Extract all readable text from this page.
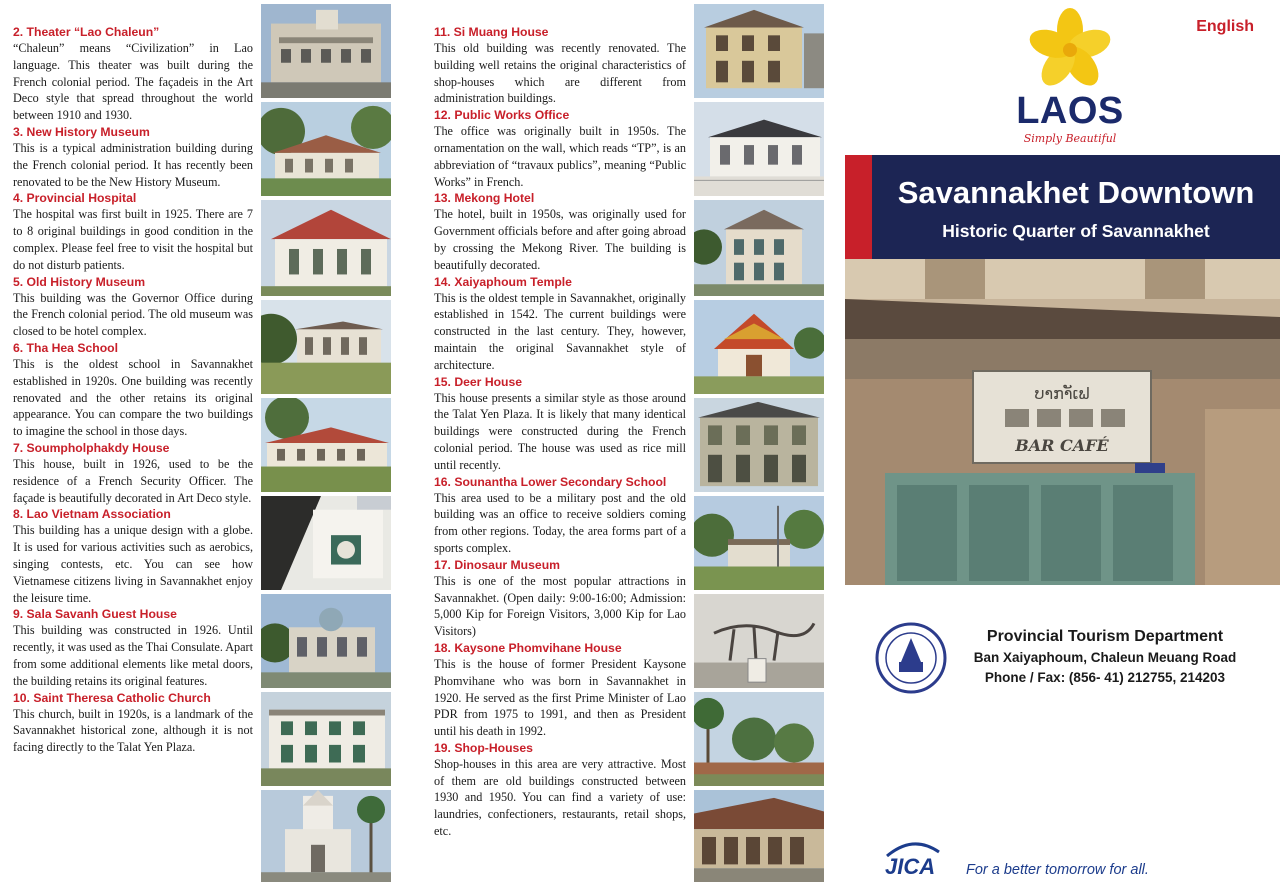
2. Theater “Lao Chaleun”
“Chaleun” means “Civilization” in Lao language. This theater was built during the French colonial period. The façadeis in the Art Deco style that spread throughout the world between 1910 and 1930.
3. New History Museum
This is a typical administration building during the French colonial period. It has recently been renovated to be the New History Museum.
4. Provincial Hospital
The hospital was first built in 1925. There are 7 to 8 original buildings in good condition in the complex. Please feel free to visit the hospital but do not disturb patients.
5. Old History Museum
This building was the Governor Office during the French colonial period. The old museum was closed to be hotel complex.
6. Tha Hea School
This is the oldest school in Savannakhet established in 1920s. One building was recently renovated and the other retains its original appearance. You can compare the two buildings to imagine the school in those days.
7. Soumpholphakdy House
This house, built in 1926, used to be the residence of a French Security Officer. The façade is beautifully decorated in Art Deco style.
8. Lao Vietnam Association
This building has a unique design with a globe. It is used for various activities such as aerobics, singing contests, etc. You can see how Vietnamese citizens living in Savannakhet enjoy the leisure time.
9. Sala Savanh Guest House
This building was constructed in 1926. Until recently, it was used as the Thai Consulate. Apart from some additional elements like metal doors, the building retains its original features.
10. Saint Theresa Catholic Church
This church, built in 1920s, is a landmark of the Savannakhet historical zone, although it is not facing directly to the Talat Yen Plaza.
11. Si Muang House
This old building was recently renovated. The building well retains the original characteristics of shop-houses which are different from administration buildings.
12. Public Works Office
The office was originally built in 1950s. The ornamentation on the wall, which reads “TP”, is an abbreviation of “travaux publics”, meaning “Public Works” in French.
13. Mekong Hotel
The hotel, built in 1950s, was originally used for Government officials before and after going abroad by crossing the Mekong River. The building is beautifully decorated.
14. Xaiyaphoum Temple
This is the oldest temple in Savannakhet, originally established in 1542. The current buildings were constructed in the last century. They, however, maintain the original Savannakhet style of architecture.
15. Deer House
This house presents a similar style as those around the Talat Yen Plaza. It is likely that many identical buildings were constructed during the French colonial period. The house was used as rice mill until recently.
16. Sounantha Lower Secondary School
This area used to be a military post and the old building was an office to receive soldiers coming from other regions. Today, the area forms part of a sports complex.
17. Dinosaur Museum
This is one of the most popular attractions in Savannakhet. (Open daily: 9:00-16:00; Admission: 5,000 Kip for Foreign Visitors, 3,000 Kip for Lao Visitors)
18. Kaysone Phomvihane House
This is the house of former President Kaysone Phomvihane who was born in Savannakhet in 1920. He served as the first Prime Minister of Lao PDR from 1975 to 1991, and then as President until his death in 1992.
19. Shop-Houses
Shop-houses in this area are very attractive. Most of them are old buildings constructed between 1930 and 1950. You can find a variety of use: laundries, confectioners, restaurants, retail shops, etc.
English
LAOS
Simply Beautiful
Savannakhet Downtown
Historic Quarter of Savannakhet
ບາກາັເຟ
BAR CAFÉ
Provincial Tourism Department
Ban Xaiyaphoum, Chaleun Meuang Road
Phone / Fax: (856- 41) 212755, 214203
JICA For a better tomorrow for all.
